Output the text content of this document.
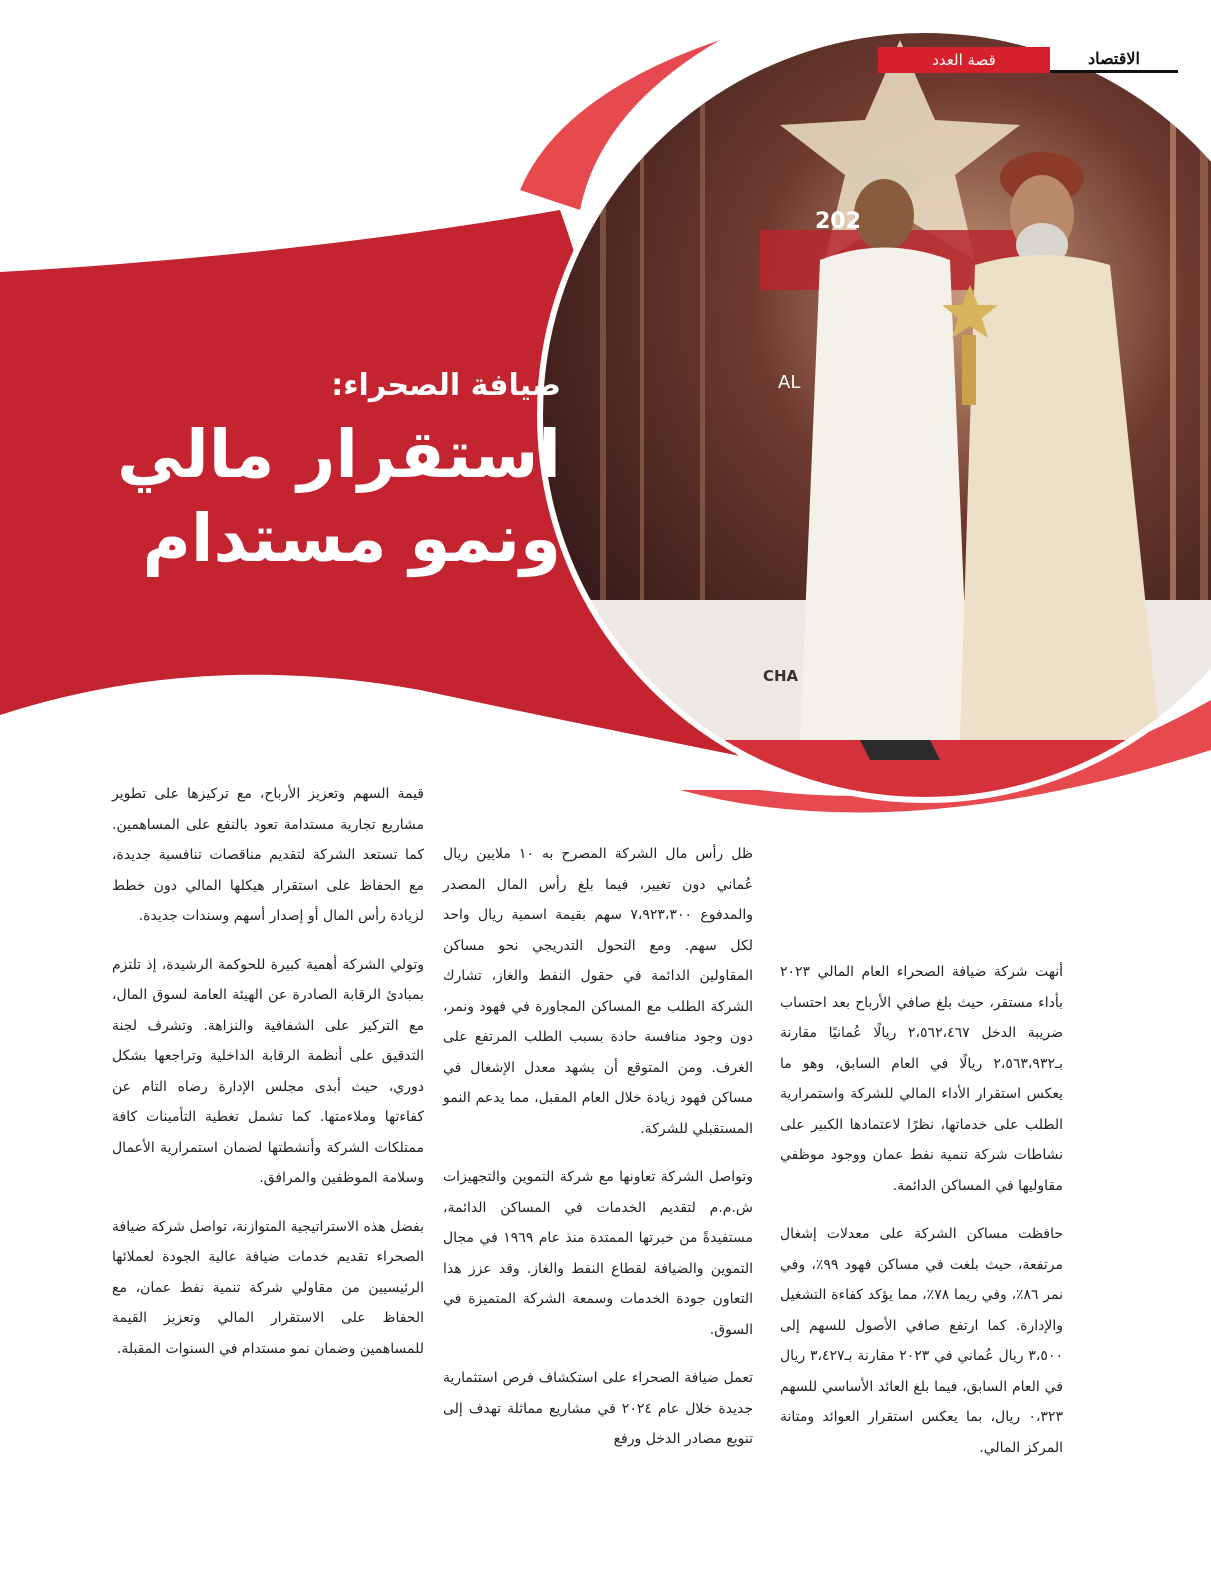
202
AL
CHA
قصة العدد	الاقتصاد
ضيافة الصحراء:
استقرار مالي
ونمو مستدام

أنهت شركة ضيافة الصحراء العام المالي ٢٠٢٣ بأداء مستقر، حيث بلغ صافي الأرباح بعد احتساب ضريبة الدخل ٢،٥٦٢،٤٦٧ ريالًا عُمانيًا مقارنة بـ٢،٥٦٣،٩٣٢ ريالًا في العام السابق، وهو ما يعكس استقرار الأداء المالي للشركة واستمرارية الطلب على خدماتها، نظرًا لاعتمادها الكبير على نشاطات شركة تنمية نفط عمان ووجود موظفي مقاوليها في المساكن الدائمة.

حافظت مساكن الشركة على معدلات إشغال مرتفعة، حيث بلغت في مساكن فهود ٩٩٪، وفي نمر ٨٦٪، وفي ريما ٧٨٪، مما يؤكد كفاءة التشغيل والإدارة. كما ارتفع صافي الأصول للسهم إلى ٣،٥٠٠ ريال عُماني في ٢٠٢٣ مقارنة بـ٣،٤٢٧ ريال في العام السابق، فيما بلغ العائد الأساسي للسهم ٠،٣٢٣ ريال، بما يعكس استقرار العوائد ومتانة المركز المالي.

ظل رأس مال الشركة المصرح به ١٠ ملايين ريال عُماني دون تغيير، فيما بلغ رأس المال المصدر والمدفوع ٧،٩٢٣،٣٠٠ سهم بقيمة اسمية ريال واحد لكل سهم. ومع التحول التدريجي نحو مساكن المقاولين الدائمة في حقول النفط والغاز، تشارك الشركة الطلب مع المساكن المجاورة في فهود ونمر، دون وجود منافسة حادة بسبب الطلب المرتفع على الغرف. ومن المتوقع أن يشهد معدل الإشغال في مساكن فهود زيادة خلال العام المقبل، مما يدعم النمو المستقبلي للشركة.

وتواصل الشركة تعاونها مع شركة التموين والتجهيزات ش.م.م لتقديم الخدمات في المساكن الدائمة، مستفيدةً من خبرتها الممتدة منذ عام ١٩٦٩ في مجال التموين والضيافة لقطاع النفط والغاز. وقد عزز هذا التعاون جودة الخدمات وسمعة الشركة المتميزة في السوق.

تعمل ضيافة الصحراء على استكشاف فرص استثمارية جديدة خلال عام ٢٠٢٤ في مشاريع مماثلة تهدف إلى تنويع مصادر الدخل ورفع

قيمة السهم وتعزيز الأرباح، مع تركيزها على تطوير مشاريع تجارية مستدامة تعود بالنفع على المساهمين. كما تستعد الشركة لتقديم مناقصات تنافسية جديدة، مع الحفاظ على استقرار هيكلها المالي دون خطط لزيادة رأس المال أو إصدار أسهم وسندات جديدة.

وتولي الشركة أهمية كبيرة للحوكمة الرشيدة، إذ تلتزم بمبادئ الرقابة الصادرة عن الهيئة العامة لسوق المال، مع التركيز على الشفافية والنزاهة. وتشرف لجنة التدقيق على أنظمة الرقابة الداخلية وتراجعها بشكل دوري، حيث أبدى مجلس الإدارة رضاه التام عن كفاءتها وملاءمتها. كما تشمل تغطية التأمينات كافة ممتلكات الشركة وأنشطتها لضمان استمرارية الأعمال وسلامة الموظفين والمرافق.

بفضل هذه الاستراتيجية المتوازنة، تواصل شركة ضيافة الصحراء تقديم خدمات ضيافة عالية الجودة لعملائها الرئيسيين من مقاولي شركة تنمية نفط عمان، مع الحفاظ على الاستقرار المالي وتعزيز القيمة للمساهمين وضمان نمو مستدام في السنوات المقبلة.
